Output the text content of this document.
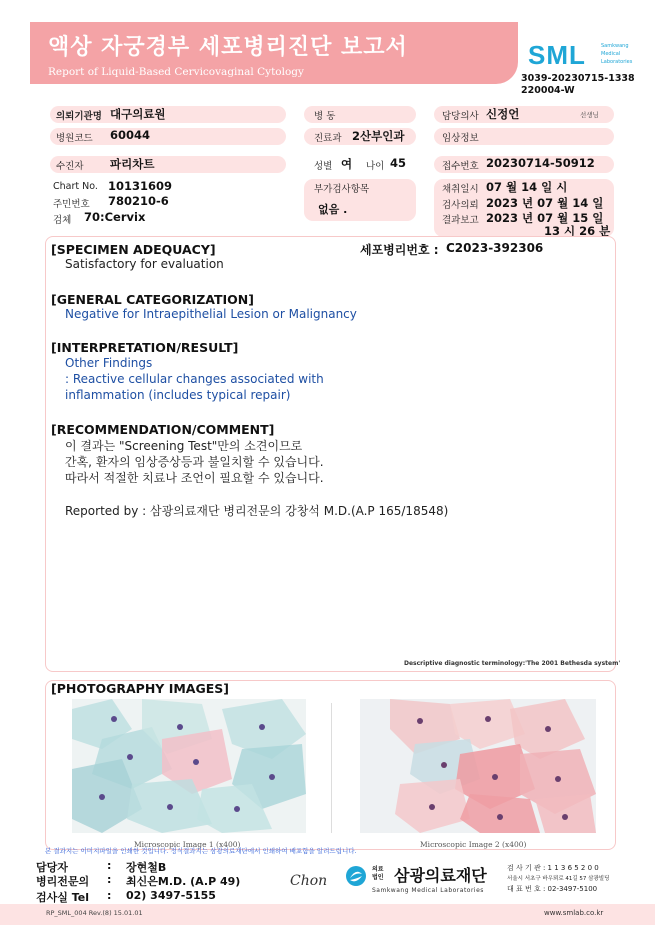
액상 자궁경부 세포병리진단 보고서
Report of Liquid-Based Cervicovaginal Cytology
SML	Samkwang
Medical
Laboratories
3039-20230715-1338
220004-W
의뢰기관명 대구의료원	병 동	담당의사 신정언	선생님
병원코드 60044	진료과 2산부인과	임상정보
수진자 파리차트	성별 여 나이 45	접수번호 20230714-50912
Chart No. 10131609
주민번호 780210-6
검체 70:Cervix
부가검사항목
없음 .
채취일시 07 월 14 일 시
검사의뢰 2023 년 07 월 14 일
결과보고 2023 년 07 월 15 일
13 시 26 분
[SPECIMEN ADEQUACY]	세포병리번호 : C2023-392306
Satisfactory for evaluation
[GENERAL CATEGORIZATION]
Negative for Intraepithelial Lesion or Malignancy
[INTERPRETATION/RESULT]
Other Findings
: Reactive cellular changes associated with
inflammation (includes typical repair)
[RECOMMENDATION/COMMENT]
이 결과는 "Screening Test"만의 소견이므로
간혹, 환자의 임상증상등과 불일치할 수 있습니다.
따라서 적절한 치료나 조언이 필요할 수 있습니다.
Reported by : 삼광의료재단 병리전문의 강창석 M.D.(A.P 165/18548)
Descriptive diagnostic terminology:'The 2001 Bethesda system'
[PHOTOGRAPHY IMAGES]
Microscopic Image 1 (x400)	Microscopic Image 2 (x400)
본 결과지는 이미지파일을 인쇄한 것입니다. 정식결과지는 삼광의료재단에서 인쇄하여 배포함을 알려드립니다.
담당자	: 장현철B
병리전문의 : 최신은M.D. (A.P 49)
검사실 Tel : 02) 3497-5155
Chon
의료
법인 삼광의료재단
Samkwang Medical Laboratories
검 사 기 관 : 1 1 3 6 5 2 0 0
서울시 서초구 바우뫼로 41길 57 삼광빌딩
대 표 번 호 : 02-3497-5100
RP_SML_004 Rev.(8) 15.01.01	www.smlab.co.kr
